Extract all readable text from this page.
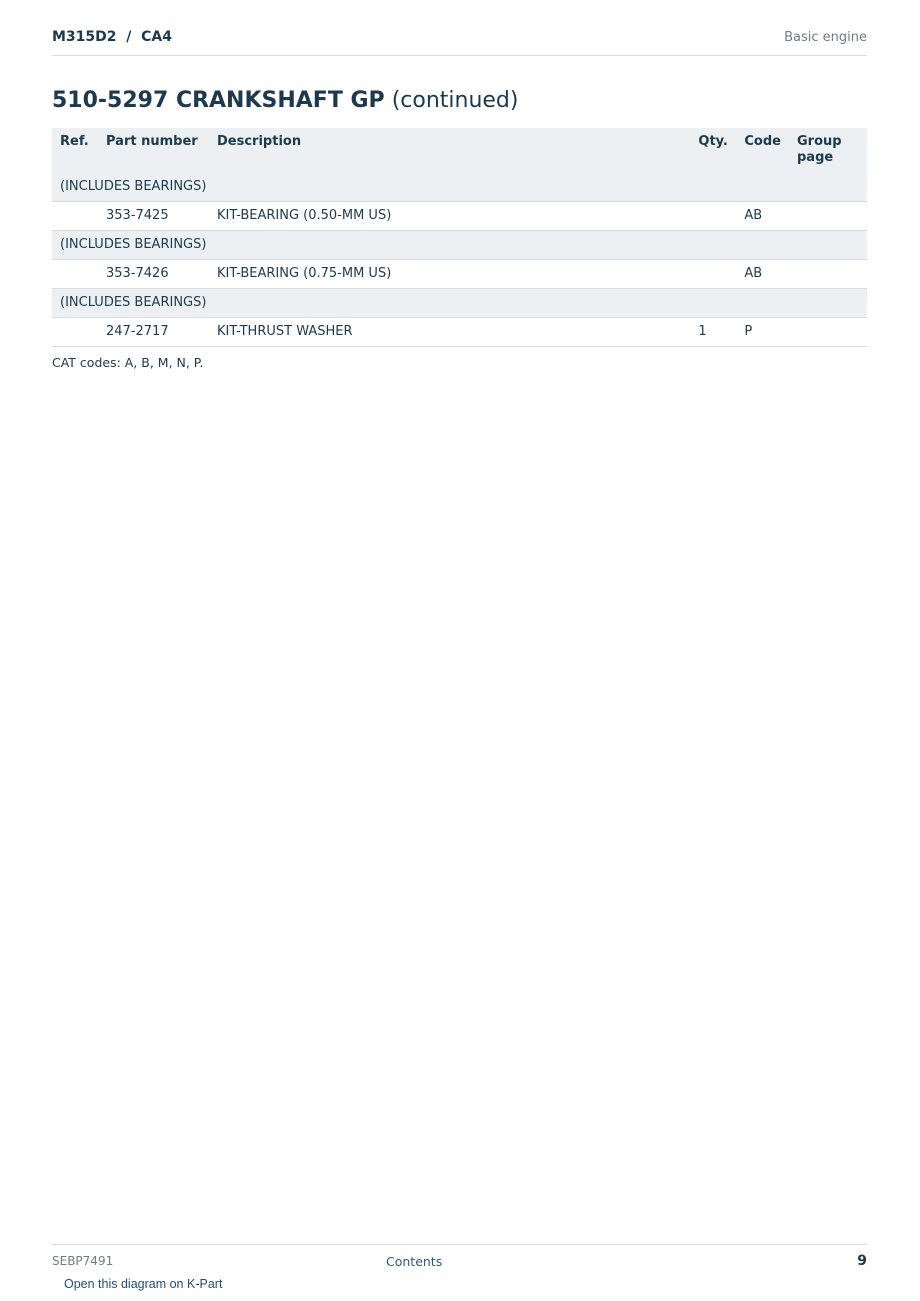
M315D2  /  CA4	Basic engine
510-5297 CRANKSHAFT GP (continued)
Ref.	Part number	Description	Qty.	Code	Group
page
(INCLUDES BEARINGS)					
	353-7425	KIT-BEARING (0.50-MM US)		AB	
(INCLUDES BEARINGS)					
	353-7426	KIT-BEARING (0.75-MM US)		AB	
(INCLUDES BEARINGS)					
	247-2717	KIT-THRUST WASHER	1	P	
CAT codes: A, B, M, N, P.
SEBP7491	Contents	9
Open this diagram on K-Part
